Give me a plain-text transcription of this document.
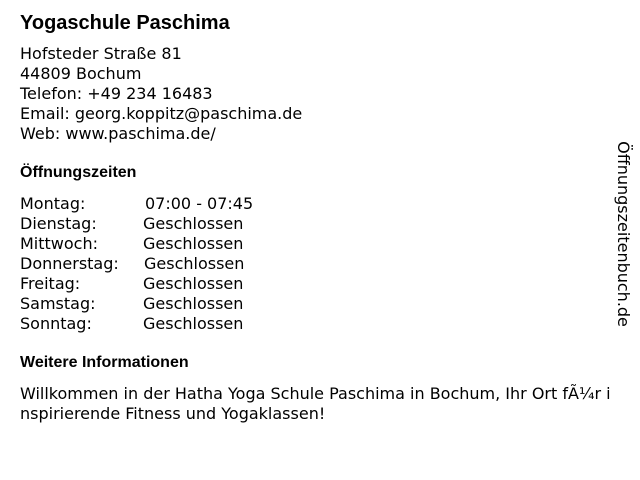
Yogaschule Paschima
Hofsteder Straße 81
44809 Bochum
Telefon: +49 234 16483
Email: georg.koppitz@paschima.de
Web: www.paschima.de/
Öffnungszeiten
Montag:	07:00 - 07:45
Dienstag:	Geschlossen
Mittwoch:	Geschlossen
Donnerstag:	Geschlossen
Freitag:	Geschlossen
Samstag:	Geschlossen
Sonntag:	Geschlossen
Weitere Informationen
Willkommen in der Hatha Yoga Schule Paschima in Bochum, Ihr Ort fÃ¼r inspirierende Fitness und Yogaklassen!
Öffnungszeitenbuch.de
